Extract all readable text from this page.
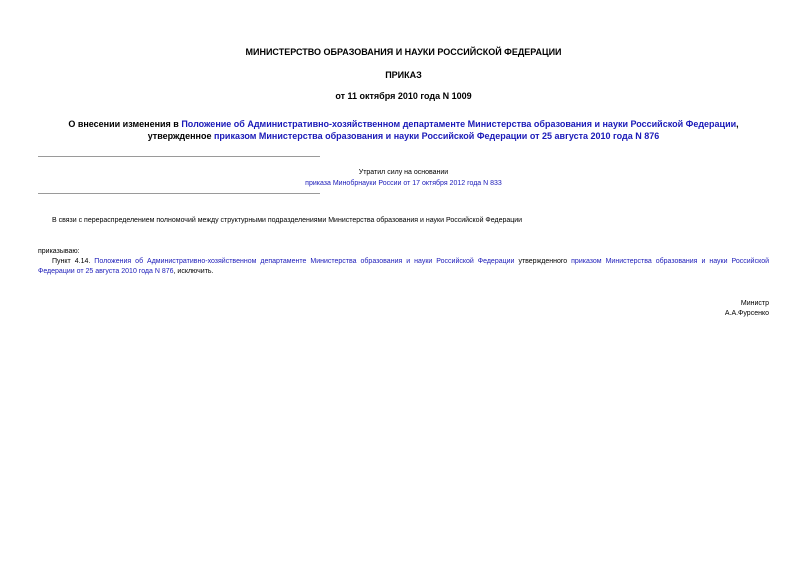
МИНИСТЕРСТВО ОБРАЗОВАНИЯ И НАУКИ РОССИЙСКОЙ ФЕДЕРАЦИИ
ПРИКАЗ
от 11 октября 2010 года N 1009
О внесении изменения в Положение об Административно-хозяйственном департаменте Министерства образования и науки Российской Федерации, утвержденное приказом Министерства образования и науки Российской Федерации от 25 августа 2010 года N 876
Утратил силу на основании
приказа Минобрнауки России от 17 октября 2012 года N 833
В связи с перераспределением полномочий между структурными подразделениями Министерства образования и науки Российской Федерации
приказываю:
Пункт 4.14. Положения об Административно-хозяйственном департаменте Министерства образования и науки Российской Федерации утвержденного приказом Министерства образования и науки Российской Федерации от 25 августа 2010 года N 876, исключить.
Министр
А.А.Фурсенко
